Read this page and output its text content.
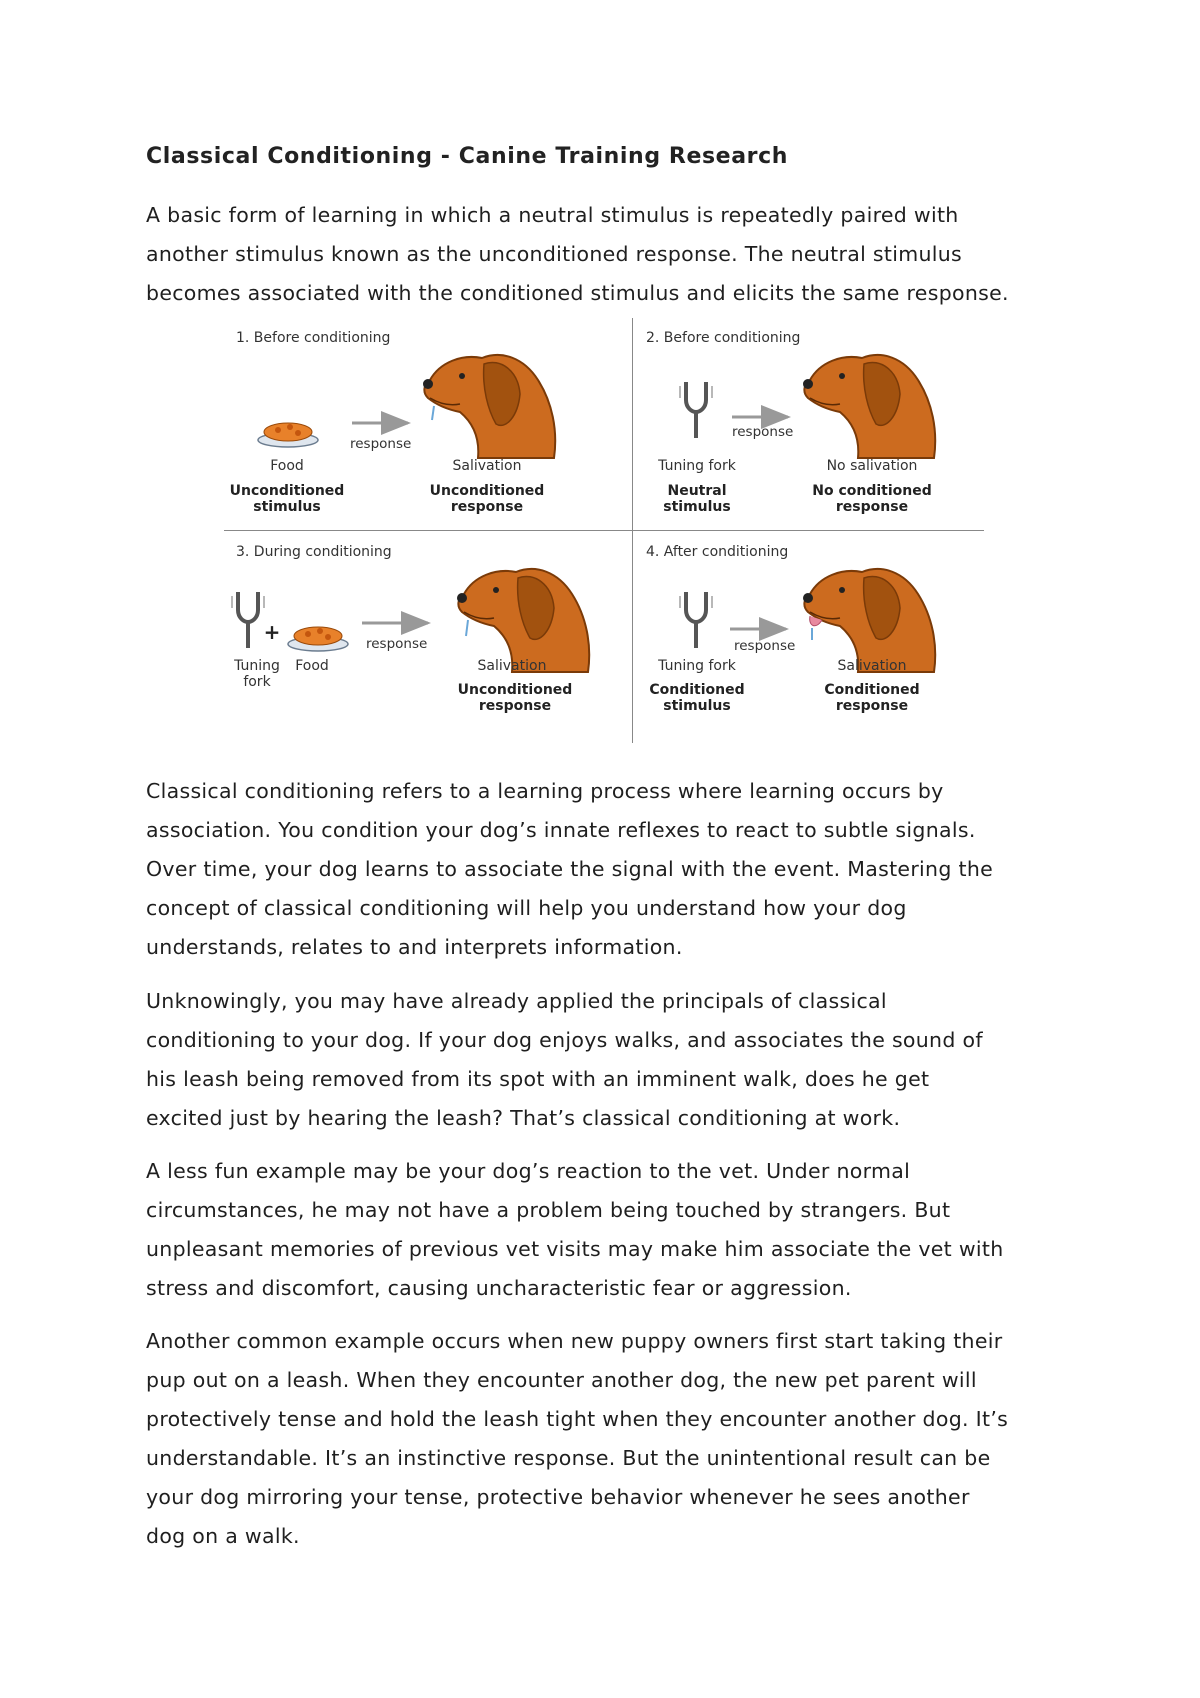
Classical Conditioning - Canine Training Research
A basic form of learning in which a neutral stimulus is repeatedly paired with
another stimulus known as the unconditioned response. The neutral stimulus
becomes associated with the conditioned stimulus and elicits the same response.
Classical conditioning refers to a learning process where learning occurs by
association. You condition your dog’s innate reflexes to react to subtle signals.
Over time, your dog learns to associate the signal with the event. Mastering the
concept of classical conditioning will help you understand how your dog
understands, relates to and interprets information.
Unknowingly, you may have already applied the principals of classical
conditioning to your dog. If your dog enjoys walks, and associates the sound of
his leash being removed from its spot with an imminent walk, does he get
excited just by hearing the leash? That’s classical conditioning at work.
A less fun example may be your dog’s reaction to the vet. Under normal
circumstances, he may not have a problem being touched by strangers. But
unpleasant memories of previous vet visits may make him associate the vet with
stress and discomfort, causing uncharacteristic fear or aggression.
Another common example occurs when new puppy owners first start taking their
pup out on a leash. When they encounter another dog, the new pet parent will
protectively tense and hold the leash tight when they encounter another dog. It’s
understandable. It’s an instinctive response. But the unintentional result can be
your dog mirroring your tense, protective behavior whenever he sees another
dog on a walk.
1. Before conditioning
response
Food
Unconditioned stimulus
Salivation
Unconditioned response
2. Before conditioning
response
Tuning fork
Neutral stimulus
No salivation
No conditioned response
3. During conditioning
+	response
Tuning fork
Food	Salivation
Unconditioned response
4. After conditioning
response
Tuning fork
Conditioned stimulus
Salivation
Conditioned response
